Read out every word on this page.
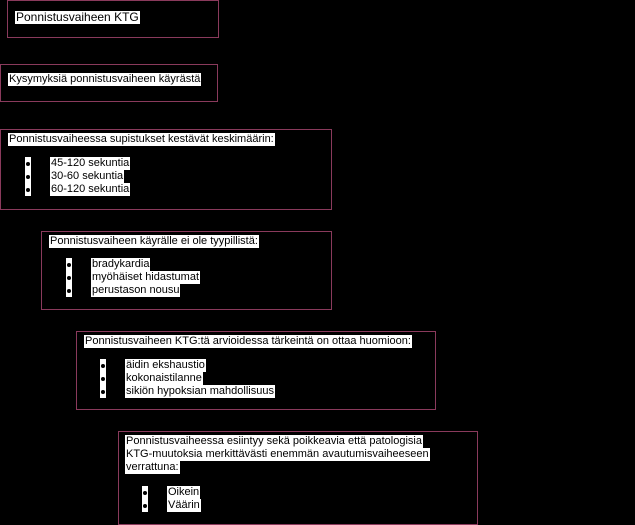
Ponnistusvaiheen KTG
Kysymyksiä ponnistusvaiheen käyrästä
Ponnistusvaiheessa supistukset kestävät keskimäärin:
45-120 sekuntia
30-60 sekuntia
60-120 sekuntia
Ponnistusvaiheen käyrälle ei ole tyypillistä:
bradykardia
myöhäiset hidastumat
perustason nousu
Ponnistusvaiheen KTG:tä arvioidessa tärkeintä on ottaa huomioon:
äidin ekshaustio
kokonaistilanne
sikiön hypoksian mahdollisuus
Ponnistusvaiheessa esiintyy sekä poikkeavia että patologisia
KTG-muutoksia merkittävästi enemmän avautumisvaiheeseen
verrattuna:
Oikein
Väärin
